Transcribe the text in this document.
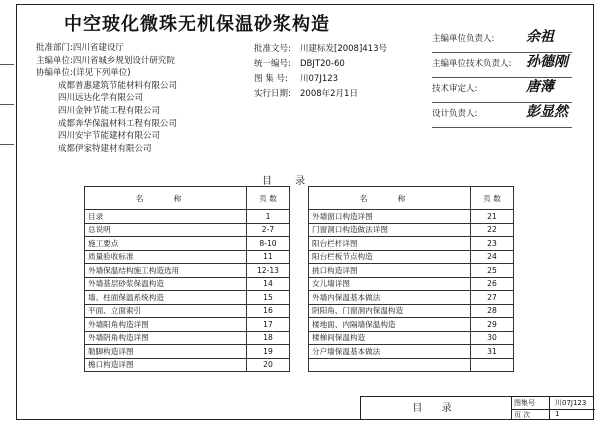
中空玻化微珠无机保温砂浆构造
批准部门:四川省建设厅
主编单位:四川省城乡规划设计研究院
协编单位:(详见下列单位)
成都普惠建筑节能材料有限公司
四川远达化学有限公司
四川金钟节能工程有限公司
成都奔华保温材料工程有限公司
四川安宇节能建材有限公司
成都伊家特建材有限公司
批准文号: 川建标发[2008]413号
统一编号: DBJT20-60
图 集 号: 川07J123
实行日期: 2008年2月1日
主编单位负责人: 余祖
主编单位技术负责人: 孙德刚
技术审定人:	唐薄
设计负责人:	彭显然
目 录
名 称	页 数
目录	1
总说明	2-7
施工要点	8-10
质量验收标准	11
外墙保温结构施工构造选用	12-13
外墙基层砂浆保温构造	14
墙、柱面保温系统构造	15
平面、立面索引	16
外墙阳角构造详图	17
外墙阴角构造详图	18
勒脚构造详图	19
檐口构造详图	20
名 称	页 数
外墙窗口构造详图	21
门窗洞口构造做法详图	22
阳台栏杆详图	23
阳台栏板节点构造	24
挑口构造详图	25
女儿墙详图	26
外墙内保温基本做法	27
阴阳角、门窗洞内保温构造	28
楼地面、内隔墙保温构造	29
楼梯间保温构造	30
分户墙保温基本做法	31

目 录	图集号	川07J123
页 次	1
